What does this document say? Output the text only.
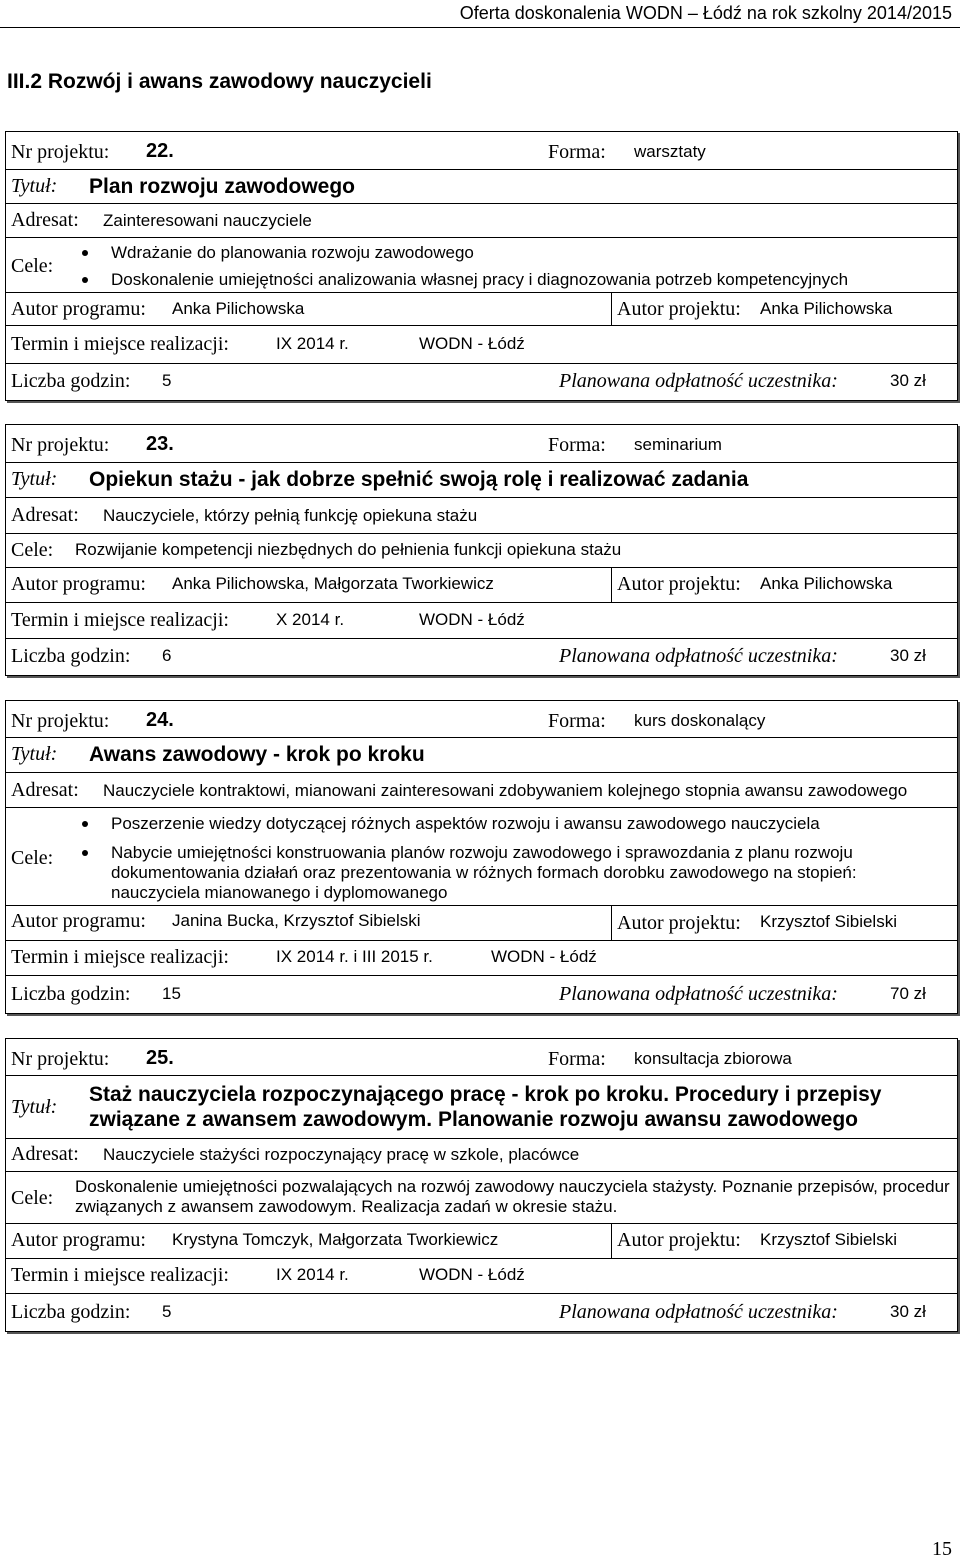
Oferta doskonalenia WODN – Łódź na rok szkolny 2014/2015
III.2 Rozwój i awans zawodowy nauczycieli
Nr projektu: 22.	Forma: warsztaty
Tytuł: Plan rozwoju zawodowego
Adresat: Zainteresowani nauczyciele
Cele:
Wdrażanie do planowania rozwoju zawodowego
Doskonalenie umiejętności analizowania własnej pracy i diagnozowania potrzeb kompetencyjnych
Autor programu: Anka Pilichowska	Autor projektu: Anka Pilichowska
Termin i miejsce realizacji:	IX 2014 r.	WODN - Łódź
Liczba godzin: 5	Planowana odpłatność uczestnika:	30 zł
Nr projektu: 23.	Forma: seminarium
Tytuł: Opiekun stażu - jak dobrze spełnić swoją rolę i realizować zadania
Adresat: Nauczyciele, którzy pełnią funkcję opiekuna stażu
Cele: Rozwijanie kompetencji niezbędnych do pełnienia funkcji opiekuna stażu
Autor programu: Anka Pilichowska, Małgorzata Tworkiewicz	Autor projektu: Anka Pilichowska
Termin i miejsce realizacji:	X 2014 r.	WODN - Łódź
Liczba godzin: 6	Planowana odpłatność uczestnika:	30 zł
Nr projektu: 24.	Forma: kurs doskonalący
Tytuł: Awans zawodowy - krok po kroku
Adresat: Nauczyciele kontraktowi, mianowani zainteresowani zdobywaniem kolejnego stopnia awansu zawodowego
Cele:
Poszerzenie wiedzy dotyczącej różnych aspektów rozwoju i awansu zawodowego nauczyciela
Nabycie umiejętności konstruowania planów rozwoju zawodowego i sprawozdania z planu rozwoju dokumentowania działań oraz prezentowania w różnych formach dorobku zawodowego na stopień: nauczyciela mianowanego i dyplomowanego
Autor programu: Janina Bucka, Krzysztof Sibielski	Autor projektu: Krzysztof Sibielski
Termin i miejsce realizacji:	IX 2014 r. i III 2015 r.	WODN - Łódź
Liczba godzin: 15	Planowana odpłatność uczestnika:	70 zł
Nr projektu: 25.	Forma: konsultacja zbiorowa
Tytuł:
Staż nauczyciela rozpoczynającego pracę - krok po kroku. Procedury i przepisy związane z awansem zawodowym. Planowanie rozwoju awansu zawodowego
Adresat: Nauczyciele stażyści rozpoczynający pracę w szkole, placówce
Cele:
Doskonalenie umiejętności pozwalających na rozwój zawodowy nauczyciela stażysty. Poznanie przepisów, procedur związanych z awansem zawodowym. Realizacja zadań w okresie stażu.
Autor programu: Krystyna Tomczyk, Małgorzata Tworkiewicz	Autor projektu: Krzysztof Sibielski
Termin i miejsce realizacji:	IX 2014 r.	WODN - Łódź
Liczba godzin: 5	Planowana odpłatność uczestnika:	30 zł
15
